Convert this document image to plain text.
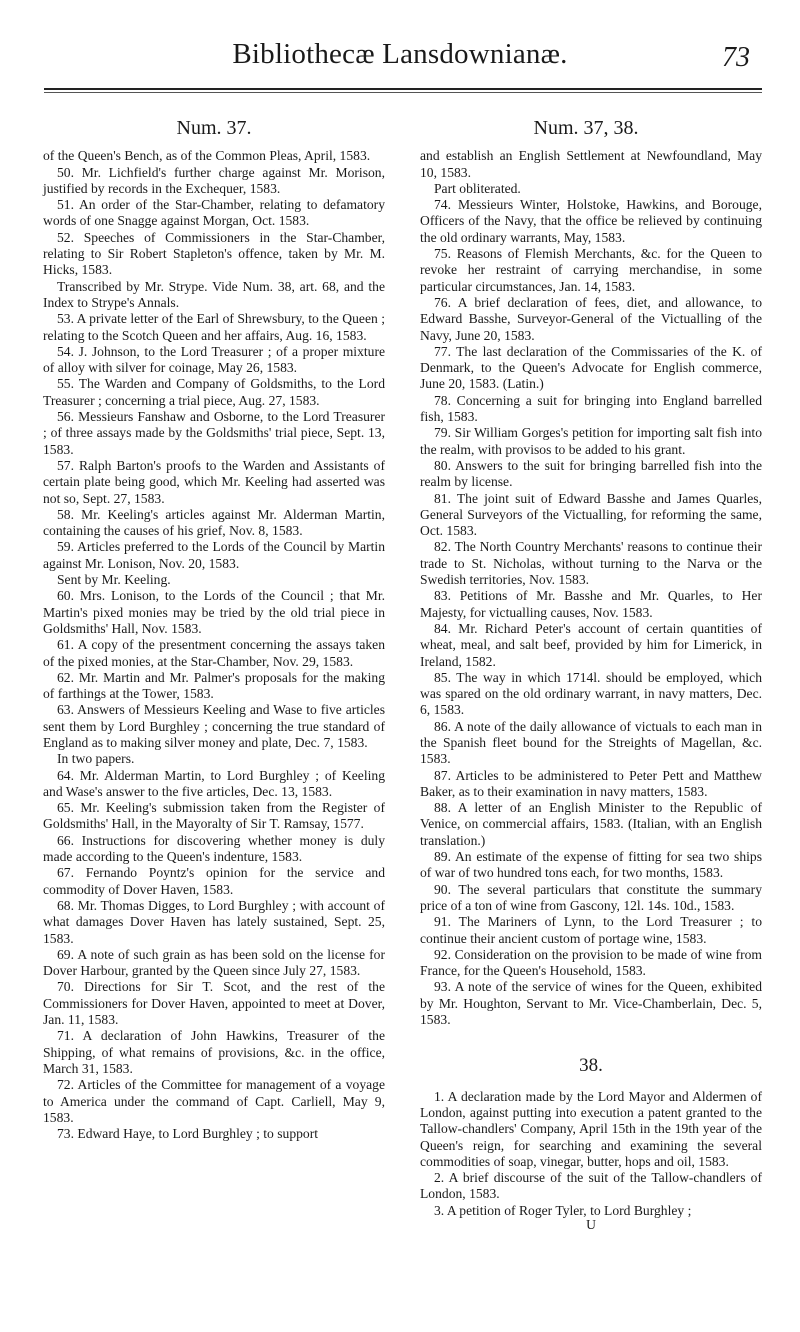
Bibliothecæ Lansdownianæ.	73
Num. 37.
of the Queen's Bench, as of the Common Pleas, April, 1583.
50. Mr. Lichfield's further charge against Mr. Morison, justified by records in the Exchequer, 1583.
51. An order of the Star-Chamber, relating to defamatory words of one Snagge against Morgan, Oct. 1583.
52. Speeches of Commissioners in the Star-Chamber, relating to Sir Robert Stapleton's offence, taken by Mr. M. Hicks, 1583.
Transcribed by Mr. Strype. Vide Num. 38, art. 68, and the Index to Strype's Annals.
53. A private letter of the Earl of Shrewsbury, to the Queen ; relating to the Scotch Queen and her affairs, Aug. 16, 1583.
54. J. Johnson, to the Lord Treasurer ; of a proper mixture of alloy with silver for coinage, May 26, 1583.
55. The Warden and Company of Goldsmiths, to the Lord Treasurer ; concerning a trial piece, Aug. 27, 1583.
56. Messieurs Fanshaw and Osborne, to the Lord Treasurer ; of three assays made by the Goldsmiths' trial piece, Sept. 13, 1583.
57. Ralph Barton's proofs to the Warden and Assistants of certain plate being good, which Mr. Keeling had asserted was not so, Sept. 27, 1583.
58. Mr. Keeling's articles against Mr. Alderman Martin, containing the causes of his grief, Nov. 8, 1583.
59. Articles preferred to the Lords of the Council by Martin against Mr. Lonison, Nov. 20, 1583.
Sent by Mr. Keeling.
60. Mrs. Lonison, to the Lords of the Council ; that Mr. Martin's pixed monies may be tried by the old trial piece in Goldsmiths' Hall, Nov. 1583.
61. A copy of the presentment concerning the assays taken of the pixed monies, at the Star-Chamber, Nov. 29, 1583.
62. Mr. Martin and Mr. Palmer's proposals for the making of farthings at the Tower, 1583.
63. Answers of Messieurs Keeling and Wase to five articles sent them by Lord Burghley ; concerning the true standard of England as to making silver money and plate, Dec. 7, 1583.
In two papers.
64. Mr. Alderman Martin, to Lord Burghley ; of Keeling and Wase's answer to the five articles, Dec. 13, 1583.
65. Mr. Keeling's submission taken from the Register of Goldsmiths' Hall, in the Mayoralty of Sir T. Ramsay, 1577.
66. Instructions for discovering whether money is duly made according to the Queen's indenture, 1583.
67. Fernando Poyntz's opinion for the service and commodity of Dover Haven, 1583.
68. Mr. Thomas Digges, to Lord Burghley ; with account of what damages Dover Haven has lately sustained, Sept. 25, 1583.
69. A note of such grain as has been sold on the license for Dover Harbour, granted by the Queen since July 27, 1583.
70. Directions for Sir T. Scot, and the rest of the Commissioners for Dover Haven, appointed to meet at Dover, Jan. 11, 1583.
71. A declaration of John Hawkins, Treasurer of the Shipping, of what remains of provisions, &c. in the office, March 31, 1583.
72. Articles of the Committee for management of a voyage to America under the command of Capt. Carliell, May 9, 1583.
73. Edward Haye, to Lord Burghley ; to support
Num. 37, 38.
and establish an English Settlement at Newfoundland, May 10, 1583.
Part obliterated.
74. Messieurs Winter, Holstoke, Hawkins, and Borouge, Officers of the Navy, that the office be relieved by continuing the old ordinary warrants, May, 1583.
75. Reasons of Flemish Merchants, &c. for the Queen to revoke her restraint of carrying merchandise, in some particular circumstances, Jan. 14, 1583.
76. A brief declaration of fees, diet, and allowance, to Edward Basshe, Surveyor-General of the Victualling of the Navy, June 20, 1583.
77. The last declaration of the Commissaries of the K. of Denmark, to the Queen's Advocate for English commerce, June 20, 1583. (Latin.)
78. Concerning a suit for bringing into England barrelled fish, 1583.
79. Sir William Gorges's petition for importing salt fish into the realm, with provisos to be added to his grant.
80. Answers to the suit for bringing barrelled fish into the realm by license.
81. The joint suit of Edward Basshe and James Quarles, General Surveyors of the Victualling, for reforming the same, Oct. 1583.
82. The North Country Merchants' reasons to continue their trade to St. Nicholas, without turning to the Narva or the Swedish territories, Nov. 1583.
83. Petitions of Mr. Basshe and Mr. Quarles, to Her Majesty, for victualling causes, Nov. 1583.
84. Mr. Richard Peter's account of certain quantities of wheat, meal, and salt beef, provided by him for Limerick, in Ireland, 1582.
85. The way in which 1714l. should be employed, which was spared on the old ordinary warrant, in navy matters, Dec. 6, 1583.
86. A note of the daily allowance of victuals to each man in the Spanish fleet bound for the Streights of Magellan, &c. 1583.
87. Articles to be administered to Peter Pett and Matthew Baker, as to their examination in navy matters, 1583.
88. A letter of an English Minister to the Republic of Venice, on commercial affairs, 1583. (Italian, with an English translation.)
89. An estimate of the expense of fitting for sea two ships of war of two hundred tons each, for two months, 1583.
90. The several particulars that constitute the summary price of a ton of wine from Gascony, 12l. 14s. 10d., 1583.
91. The Mariners of Lynn, to the Lord Treasurer ; to continue their ancient custom of portage wine, 1583.
92. Consideration on the provision to be made of wine from France, for the Queen's Household, 1583.
93. A note of the service of wines for the Queen, exhibited by Mr. Houghton, Servant to Mr. Vice-Chamberlain, Dec. 5, 1583.
38.
1. A declaration made by the Lord Mayor and Aldermen of London, against putting into execution a patent granted to the Tallow-chandlers' Company, April 15th in the 19th year of the Queen's reign, for searching and examining the several commodities of soap, vinegar, butter, hops and oil, 1583.
2. A brief discourse of the suit of the Tallow-chandlers of London, 1583.
3. A petition of Roger Tyler, to Lord Burghley ;
U
